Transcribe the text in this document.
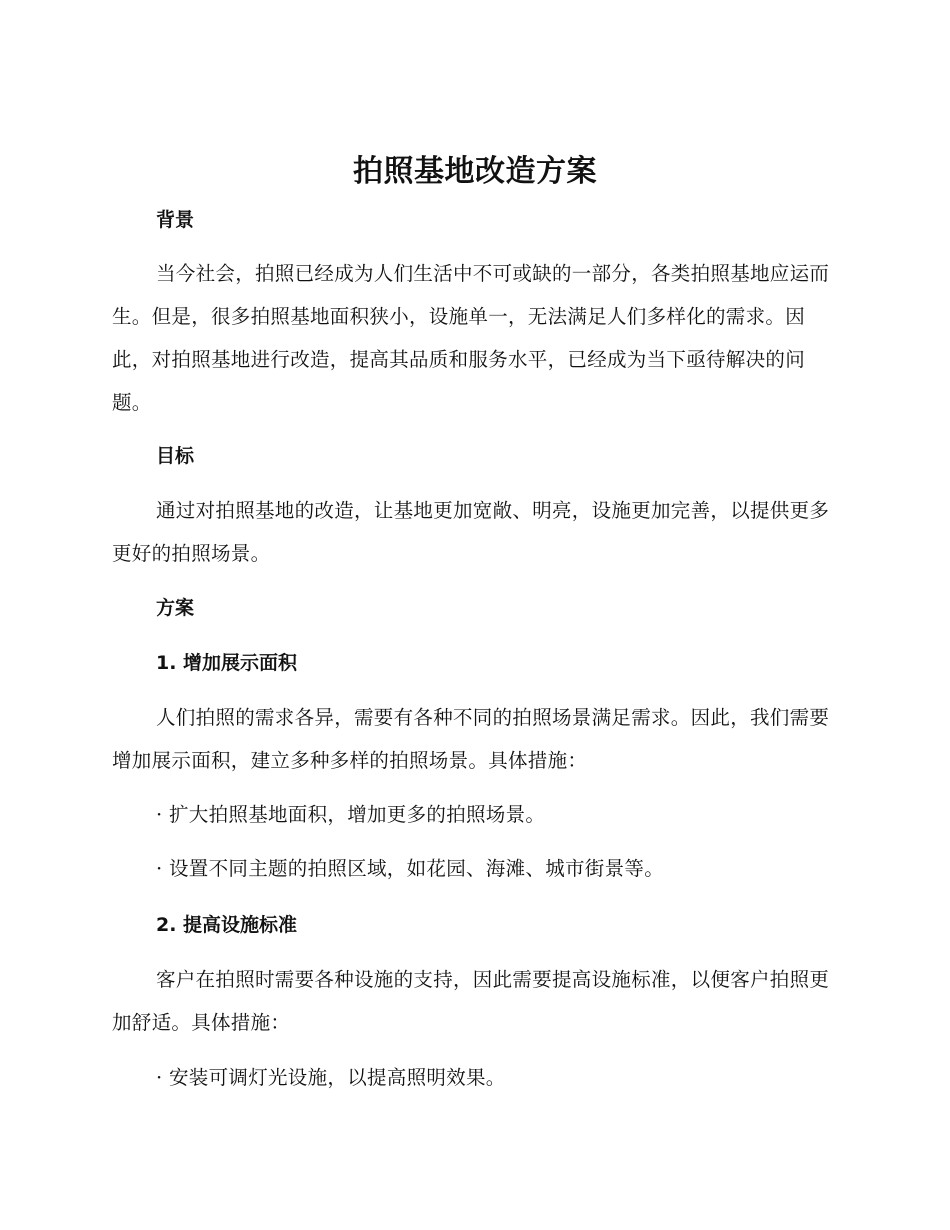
拍照基地改造方案
背景
当今社会，拍照已经成为人们生活中不可或缺的一部分，各类拍照基地应运而生。但是，很多拍照基地面积狭小，设施单一，无法满足人们多样化的需求。因此，对拍照基地进行改造，提高其品质和服务水平，已经成为当下亟待解决的问题。
目标
通过对拍照基地的改造，让基地更加宽敞、明亮，设施更加完善，以提供更多更好的拍照场景。
方案
1. 增加展示面积
人们拍照的需求各异，需要有各种不同的拍照场景满足需求。因此，我们需要增加展示面积，建立多种多样的拍照场景。具体措施：
· 扩大拍照基地面积，增加更多的拍照场景。
· 设置不同主题的拍照区域，如花园、海滩、城市街景等。
2. 提高设施标准
客户在拍照时需要各种设施的支持，因此需要提高设施标准，以便客户拍照更加舒适。具体措施：
· 安装可调灯光设施，以提高照明效果。
